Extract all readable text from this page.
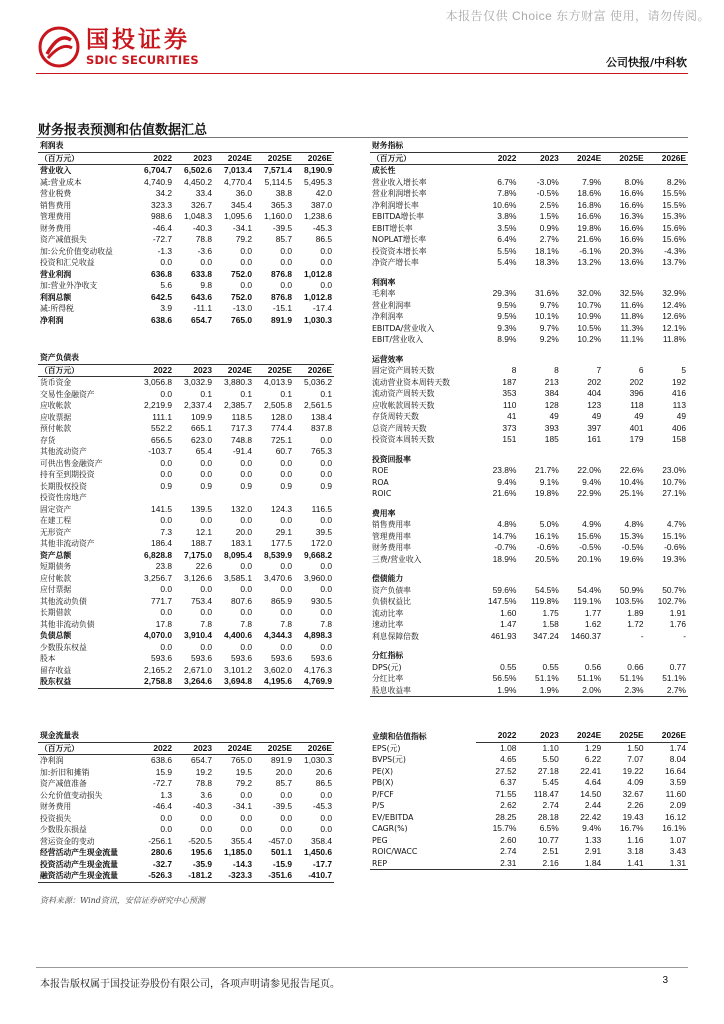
本报告仅供 Choice 东方财富 使用，请勿传阅。
国投证券
SDIC SECURITIES	公司快报/中科软
财务报表预测和估值数据汇总
利润表					
（百万元）	2022	2023	2024E	2025E	2026E
营业收入	6,704.7	6,502.6	7,013.4	7,571.4	8,190.9
减:营业成本	4,740.9	4,450.2	4,770.4	5,114.5	5,495.3
营业税费	34.2	33.4	36.0	38.8	42.0
销售费用	323.3	326.7	345.4	365.3	387.0
管理费用	988.6	1,048.3	1,095.6	1,160.0	1,238.6
财务费用	-46.4	-40.3	-34.1	-39.5	-45.3
资产减值损失	-72.7	78.8	79.2	85.7	86.5
加:公允价值变动收益	-1.3	-3.6	0.0	0.0	0.0
投资和汇兑收益	0.0	0.0	0.0	0.0	0.0
营业利润	636.8	633.8	752.0	876.8	1,012.8
加:营业外净收支	5.6	9.8	0.0	0.0	0.0
利润总额	642.5	643.6	752.0	876.8	1,012.8
减:所得税	3.9	-11.1	-13.0	-15.1	-17.4
净利润	638.6	654.7	765.0	891.9	1,030.3
资产负债表					
（百万元）	2022	2023	2024E	2025E	2026E
货币资金	3,056.8	3,032.9	3,880.3	4,013.9	5,036.2
交易性金融资产	0.0	0.1	0.1	0.1	0.1
应收帐款	2,219.9	2,337.4	2,385.7	2,505.8	2,561.5
应收票据	111.1	109.9	118.5	128.0	138.4
预付帐款	552.2	665.1	717.3	774.4	837.8
存货	656.5	623.0	748.8	725.1	0.0
其他流动资产	-103.7	65.4	-91.4	60.7	765.3
可供出售金融资产	0.0	0.0	0.0	0.0	0.0
持有至到期投资	0.0	0.0	0.0	0.0	0.0
长期股权投资	0.9	0.9	0.9	0.9	0.9
投资性房地产					
固定资产	141.5	139.5	132.0	124.3	116.5
在建工程	0.0	0.0	0.0	0.0	0.0
无形资产	7.3	12.1	20.0	29.1	39.5
其他非流动资产	186.4	188.7	183.1	177.5	172.0
资产总额	6,828.8	7,175.0	8,095.4	8,539.9	9,668.2
短期债务	23.8	22.6	0.0	0.0	0.0
应付帐款	3,256.7	3,126.6	3,585.1	3,470.6	3,960.0
应付票据	0.0	0.0	0.0	0.0	0.0
其他流动负债	771.7	753.4	807.6	865.9	930.5
长期借款	0.0	0.0	0.0	0.0	0.0
其他非流动负债	17.8	7.8	7.8	7.8	7.8
负债总额	4,070.0	3,910.4	4,400.6	4,344.3	4,898.3
少数股东权益	0.0	0.0	0.0	0.0	0.0
股本	593.6	593.6	593.6	593.6	593.6
留存收益	2,165.2	2,671.0	3,101.2	3,602.0	4,176.3
股东权益	2,758.8	3,264.6	3,694.8	4,195.6	4,769.9
现金流量表					
（百万元）	2022	2023	2024E	2025E	2026E
净利润	638.6	654.7	765.0	891.9	1,030.3
加:折旧和摊销	15.9	19.2	19.5	20.0	20.6
资产减值准备	-72.7	78.8	79.2	85.7	86.5
公允价值变动损失	1.3	3.6	0.0	0.0	0.0
财务费用	-46.4	-40.3	-34.1	-39.5	-45.3
投资损失	0.0	0.0	0.0	0.0	0.0
少数股东损益	0.0	0.0	0.0	0.0	0.0
营运资金的变动	-256.1	-520.5	355.4	-457.0	358.4
经营活动产生现金流量	280.6	195.6	1,185.0	501.1	1,450.6
投资活动产生现金流量	-32.7	-35.9	-14.3	-15.9	-17.7
融资活动产生现金流量	-526.3	-181.2	-323.3	-351.6	-410.7
财务指标					
（百万元）	2022	2023	2024E	2025E	2026E
成长性					
营业收入增长率	6.7%	-3.0%	7.9%	8.0%	8.2%
营业利润增长率	7.8%	-0.5%	18.6%	16.6%	15.5%
净利润增长率	10.6%	2.5%	16.8%	16.6%	15.5%
EBITDA增长率	3.8%	1.5%	16.6%	16.3%	15.3%
EBIT增长率	3.5%	0.9%	19.8%	16.6%	15.6%
NOPLAT增长率	6.4%	2.7%	21.6%	16.6%	15.6%
投资资本增长率	5.5%	18.1%	-6.1%	20.3%	-4.3%
净资产增长率	5.4%	18.3%	13.2%	13.6%	13.7%

利润率					
毛利率	29.3%	31.6%	32.0%	32.5%	32.9%
营业利润率	9.5%	9.7%	10.7%	11.6%	12.4%
净利润率	9.5%	10.1%	10.9%	11.8%	12.6%
EBITDA/营业收入	9.3%	9.7%	10.5%	11.3%	12.1%
EBIT/营业收入	8.9%	9.2%	10.2%	11.1%	11.8%

运营效率					
固定资产周转天数	8	8	7	6	5
流动营业资本周转天数	187	213	202	202	192
流动资产周转天数	353	384	404	396	416
应收帐款周转天数	110	128	123	118	113
存货周转天数	41	49	49	49	49
总资产周转天数	373	393	397	401	406
投资资本周转天数	151	185	161	179	158

投资回报率					
ROE	23.8%	21.7%	22.0%	22.6%	23.0%
ROA	9.4%	9.1%	9.4%	10.4%	10.7%
ROIC	21.6%	19.8%	22.9%	25.1%	27.1%

费用率					
销售费用率	4.8%	5.0%	4.9%	4.8%	4.7%
管理费用率	14.7%	16.1%	15.6%	15.3%	15.1%
财务费用率	-0.7%	-0.6%	-0.5%	-0.5%	-0.6%
三费/营业收入	18.9%	20.5%	20.1%	19.6%	19.3%

偿债能力					
资产负债率	59.6%	54.5%	54.4%	50.9%	50.7%
负债权益比	147.5%	119.8%	119.1%	103.5%	102.7%
流动比率	1.60	1.75	1.77	1.89	1.91
速动比率	1.47	1.58	1.62	1.72	1.76
利息保障倍数	461.93	347.24	1460.37	-	-

分红指标					
DPS(元)	0.55	0.55	0.56	0.66	0.77
分红比率	56.5%	51.1%	51.1%	51.1%	51.1%
股息收益率	1.9%	1.9%	2.0%	2.3%	2.7%
业绩和估值指标	2022	2023	2024E	2025E	2026E
EPS(元)	1.08	1.10	1.29	1.50	1.74
BVPS(元)	4.65	5.50	6.22	7.07	8.04
PE(X)	27.52	27.18	22.41	19.22	16.64
PB(X)	6.37	5.45	4.64	4.09	3.59
P/FCF	71.55	118.47	14.50	32.67	11.60
P/S	2.62	2.74	2.44	2.26	2.09
EV/EBITDA	28.25	28.18	22.42	19.43	16.12
CAGR(%)	15.7%	6.5%	9.4%	16.7%	16.1%
PEG	2.60	10.77	1.33	1.16	1.07
ROIC/WACC	2.74	2.51	2.91	3.18	3.43
REP	2.31	2.16	1.84	1.41	1.31
资料来源：Wind资讯，安信证券研究中心预测
本报告版权属于国投证券股份有限公司，各项声明请参见报告尾页。	3
